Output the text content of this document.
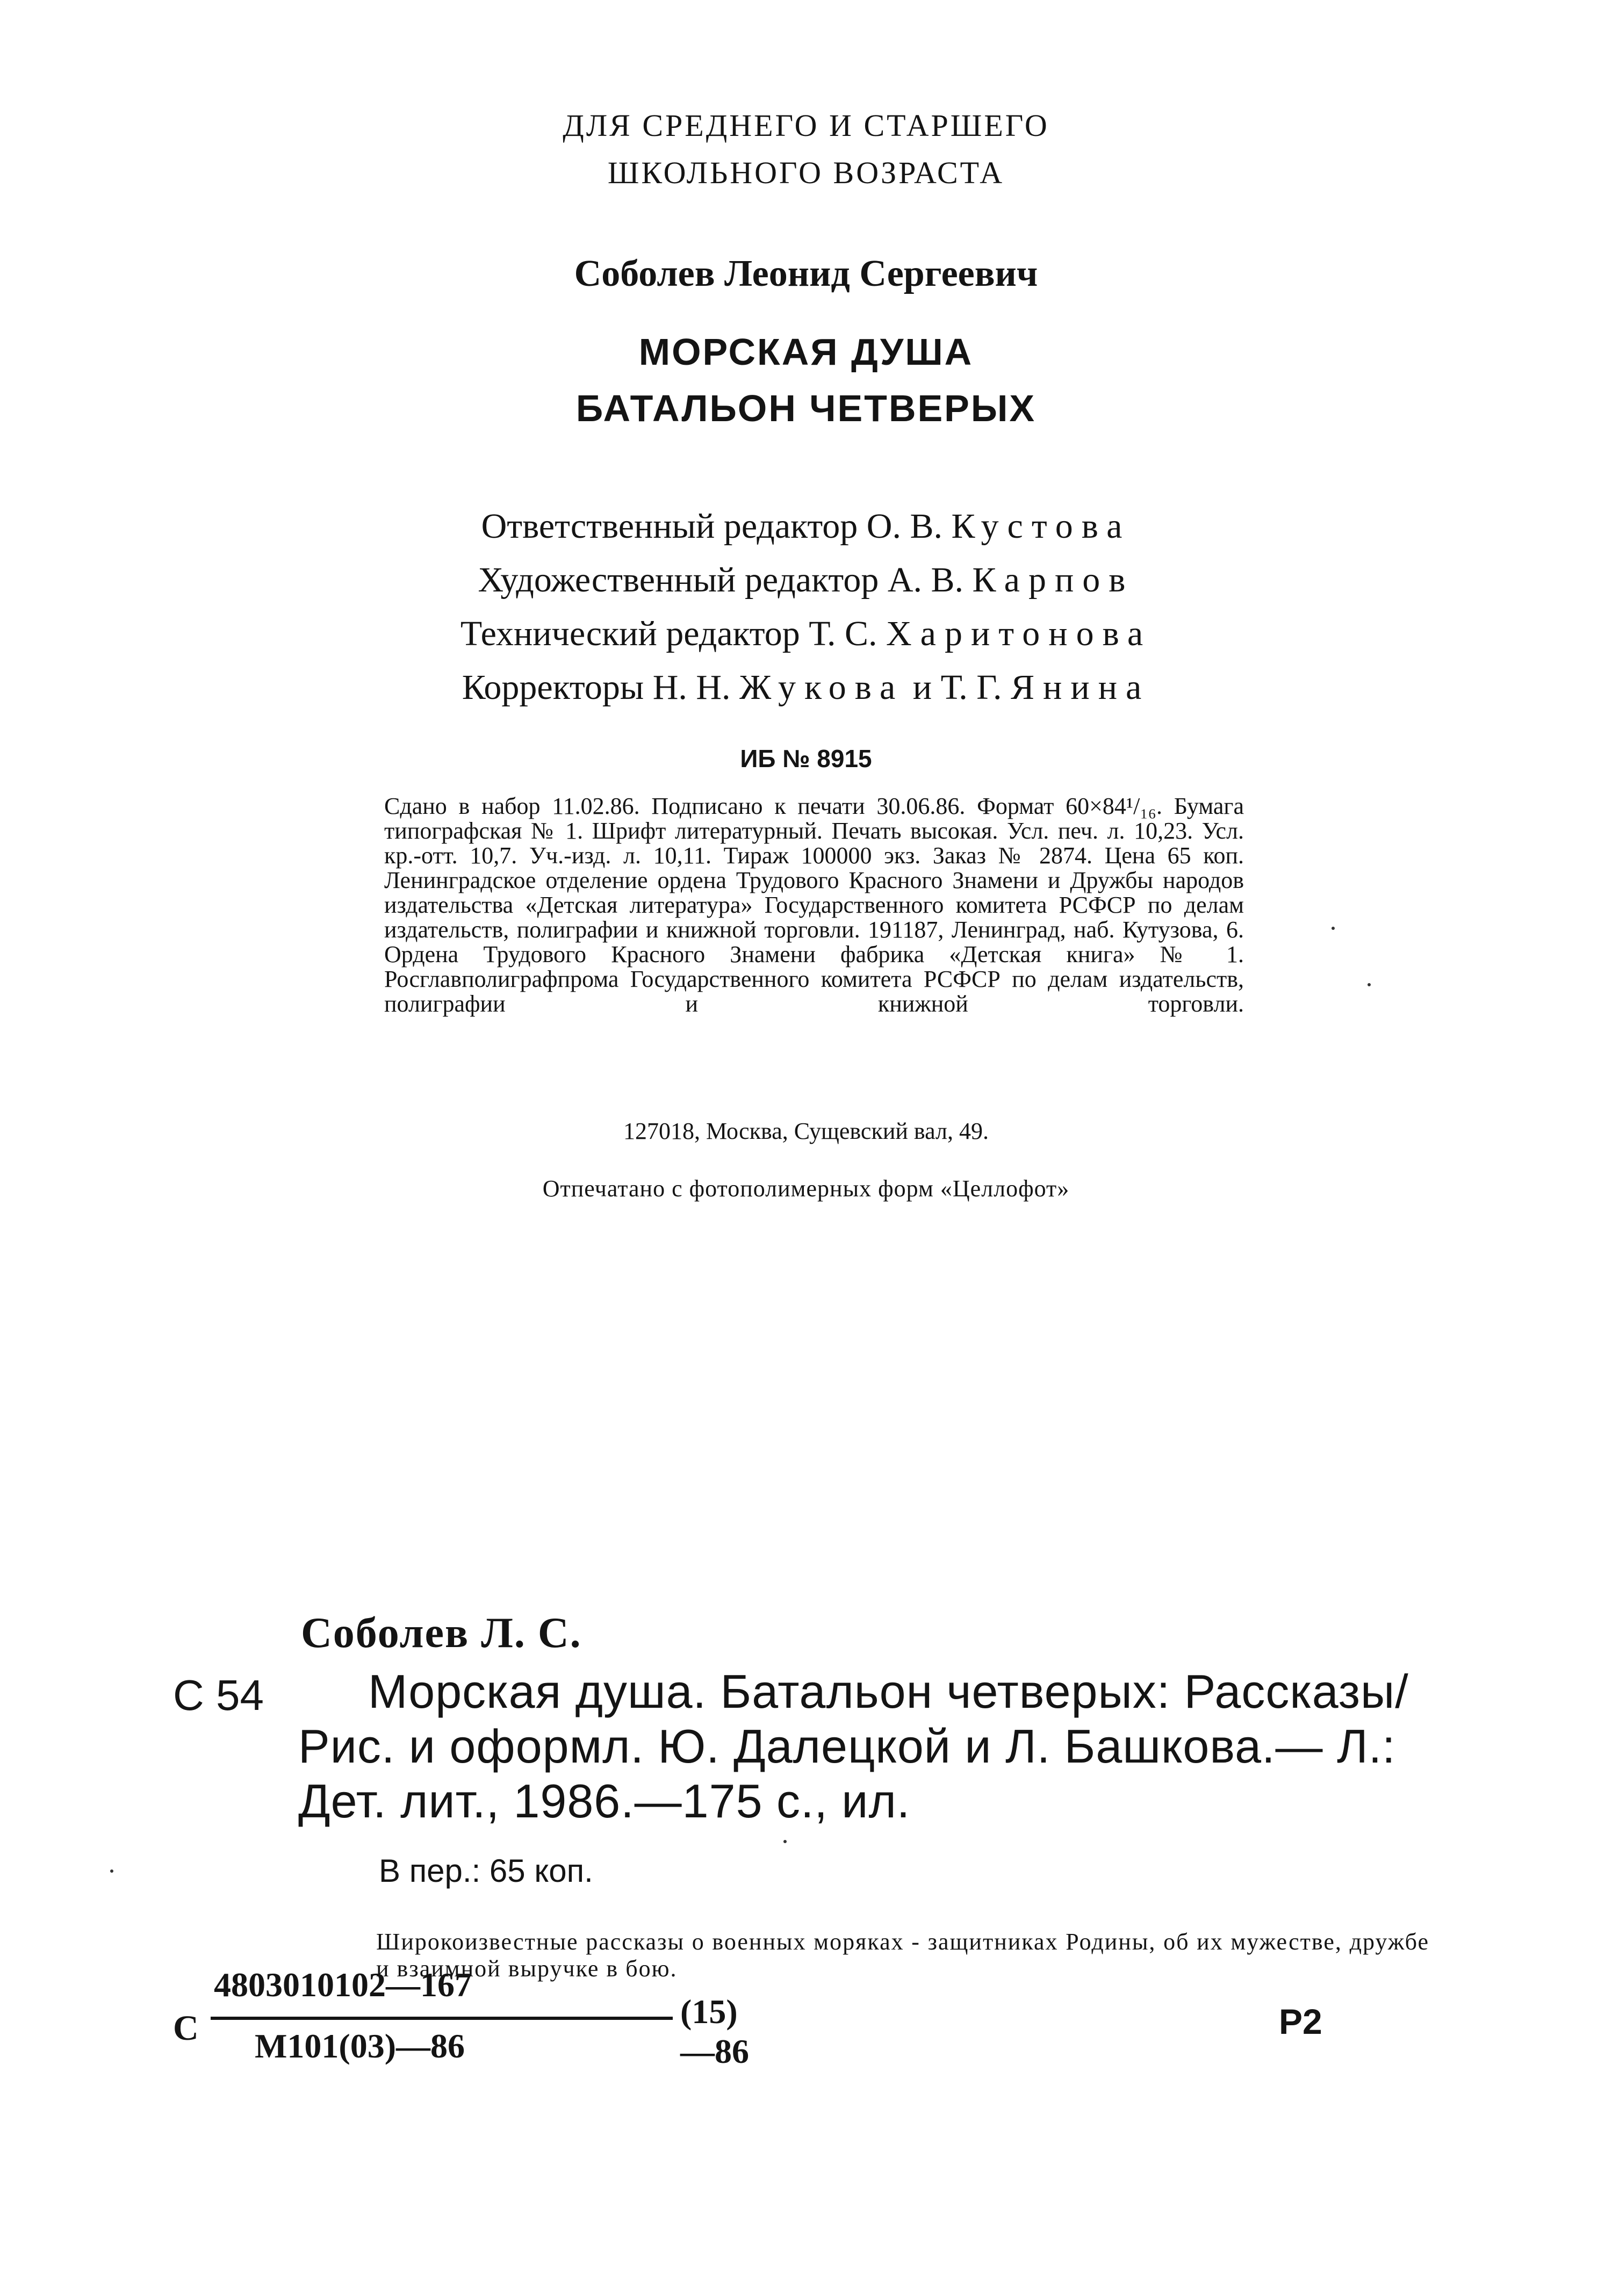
ДЛЯ СРЕДНЕГО И СТАРШЕГО
ШКОЛЬНОГО ВОЗРАСТА
Соболев Леонид Сергеевич
МОРСКАЯ ДУША
БАТАЛЬОН ЧЕТВЕРЫХ
Ответственный редактор О. В. Кустова
Художественный редактор А. В. Карпов
Технический редактор Т. С. Харитонова
Корректоры Н. Н. Жукова и Т. Г. Янина
ИБ № 8915
Сдано в набор 11.02.86. Подписано к печати 30.06.86. Формат 60×84¹/₁₆. Бумага типографская № 1. Шрифт литературный. Печать высокая. Усл. печ. л. 10,23. Усл. кр.-отт. 10,7. Уч.-изд. л. 10,11. Тираж 100000 экз. Заказ № 2874. Цена 65 коп. Ленинградское отделение ордена Трудового Красного Знамени и Дружбы народов издательства «Детская литература» Государственного комитета РСФСР по делам издательств, полиграфии и книжной торговли. 191187, Ленинград, наб. Кутузова, 6. Ордена Трудового Красного Знамени фабрика «Детская книга» № 1. Росглавполиграфпрома Государственного комитета РСФСР по делам издательств, полиграфии и книжной торговли.
127018, Москва, Сущевский вал, 49.
Отпечатано с фотополимерных форм «Целлофот»
Соболев Л. С.
С 54	Морская душа. Батальон четверых: Рассказы/ Рис. и оформл. Ю. Далецкой и Л. Башкова.— Л.: Дет. лит., 1986.—175 с., ил.
В пер.: 65 коп.
Широкоизвестные рассказы о военных моряках - защитниках Родины, об их мужестве, дружбе и взаимной выручке в бою.
С
4803010102—167
М101(03)—86
(15)—86
Р2
